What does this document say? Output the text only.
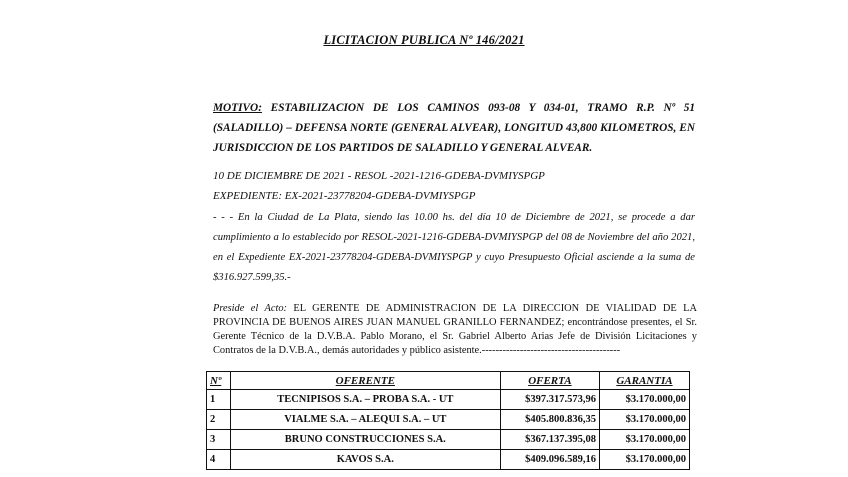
LICITACION PUBLICA Nº 146/2021
MOTIVO: ESTABILIZACION DE LOS CAMINOS 093-08 Y 034-01, TRAMO R.P. Nº 51 (SALADILLO) – DEFENSA NORTE (GENERAL ALVEAR), LONGITUD 43,800 KILOMETROS, EN JURISDICCION DE LOS PARTIDOS DE SALADILLO Y GENERAL ALVEAR.
10 DE DICIEMBRE DE 2021 - RESOL -2021-1216-GDEBA-DVMIYSPGP
EXPEDIENTE: EX-2021-23778204-GDEBA-DVMIYSPGP
- - - En la Ciudad de La Plata, siendo las 10.00 hs. del día 10 de Diciembre de 2021, se procede a dar cumplimiento a lo establecido por RESOL-2021-1216-GDEBA-DVMIYSPGP del 08 de Noviembre del año 2021, en el Expediente EX-2021-23778204-GDEBA-DVMIYSPGP y cuyo Presupuesto Oficial asciende a la suma de $316.927.599,35.-
Preside el Acto: EL GERENTE DE ADMINISTRACION DE LA DIRECCION DE VIALIDAD DE LA PROVINCIA DE BUENOS AIRES JUAN MANUEL GRANILLO FERNANDEZ; encontrándose presentes, el Sr. Gerente Técnico de la D.V.B.A. Pablo Morano, el Sr. Gabriel Alberto Arias Jefe de División Licitaciones y Contratos de la D.V.B.A., demás autoridades y público asistente.----------------------------------------
Nº	OFERENTE	OFERTA	GARANTIA
1	TECNIPISOS S.A. – PROBA S.A. - UT	$397.317.573,96	$3.170.000,00
2	VIALME S.A. – ALEQUI S.A. – UT	$405.800.836,35	$3.170.000,00
3	BRUNO CONSTRUCCIONES S.A.	$367.137.395,08	$3.170.000,00
4	KAVOS S.A.	$409.096.589,16	$3.170.000,00
